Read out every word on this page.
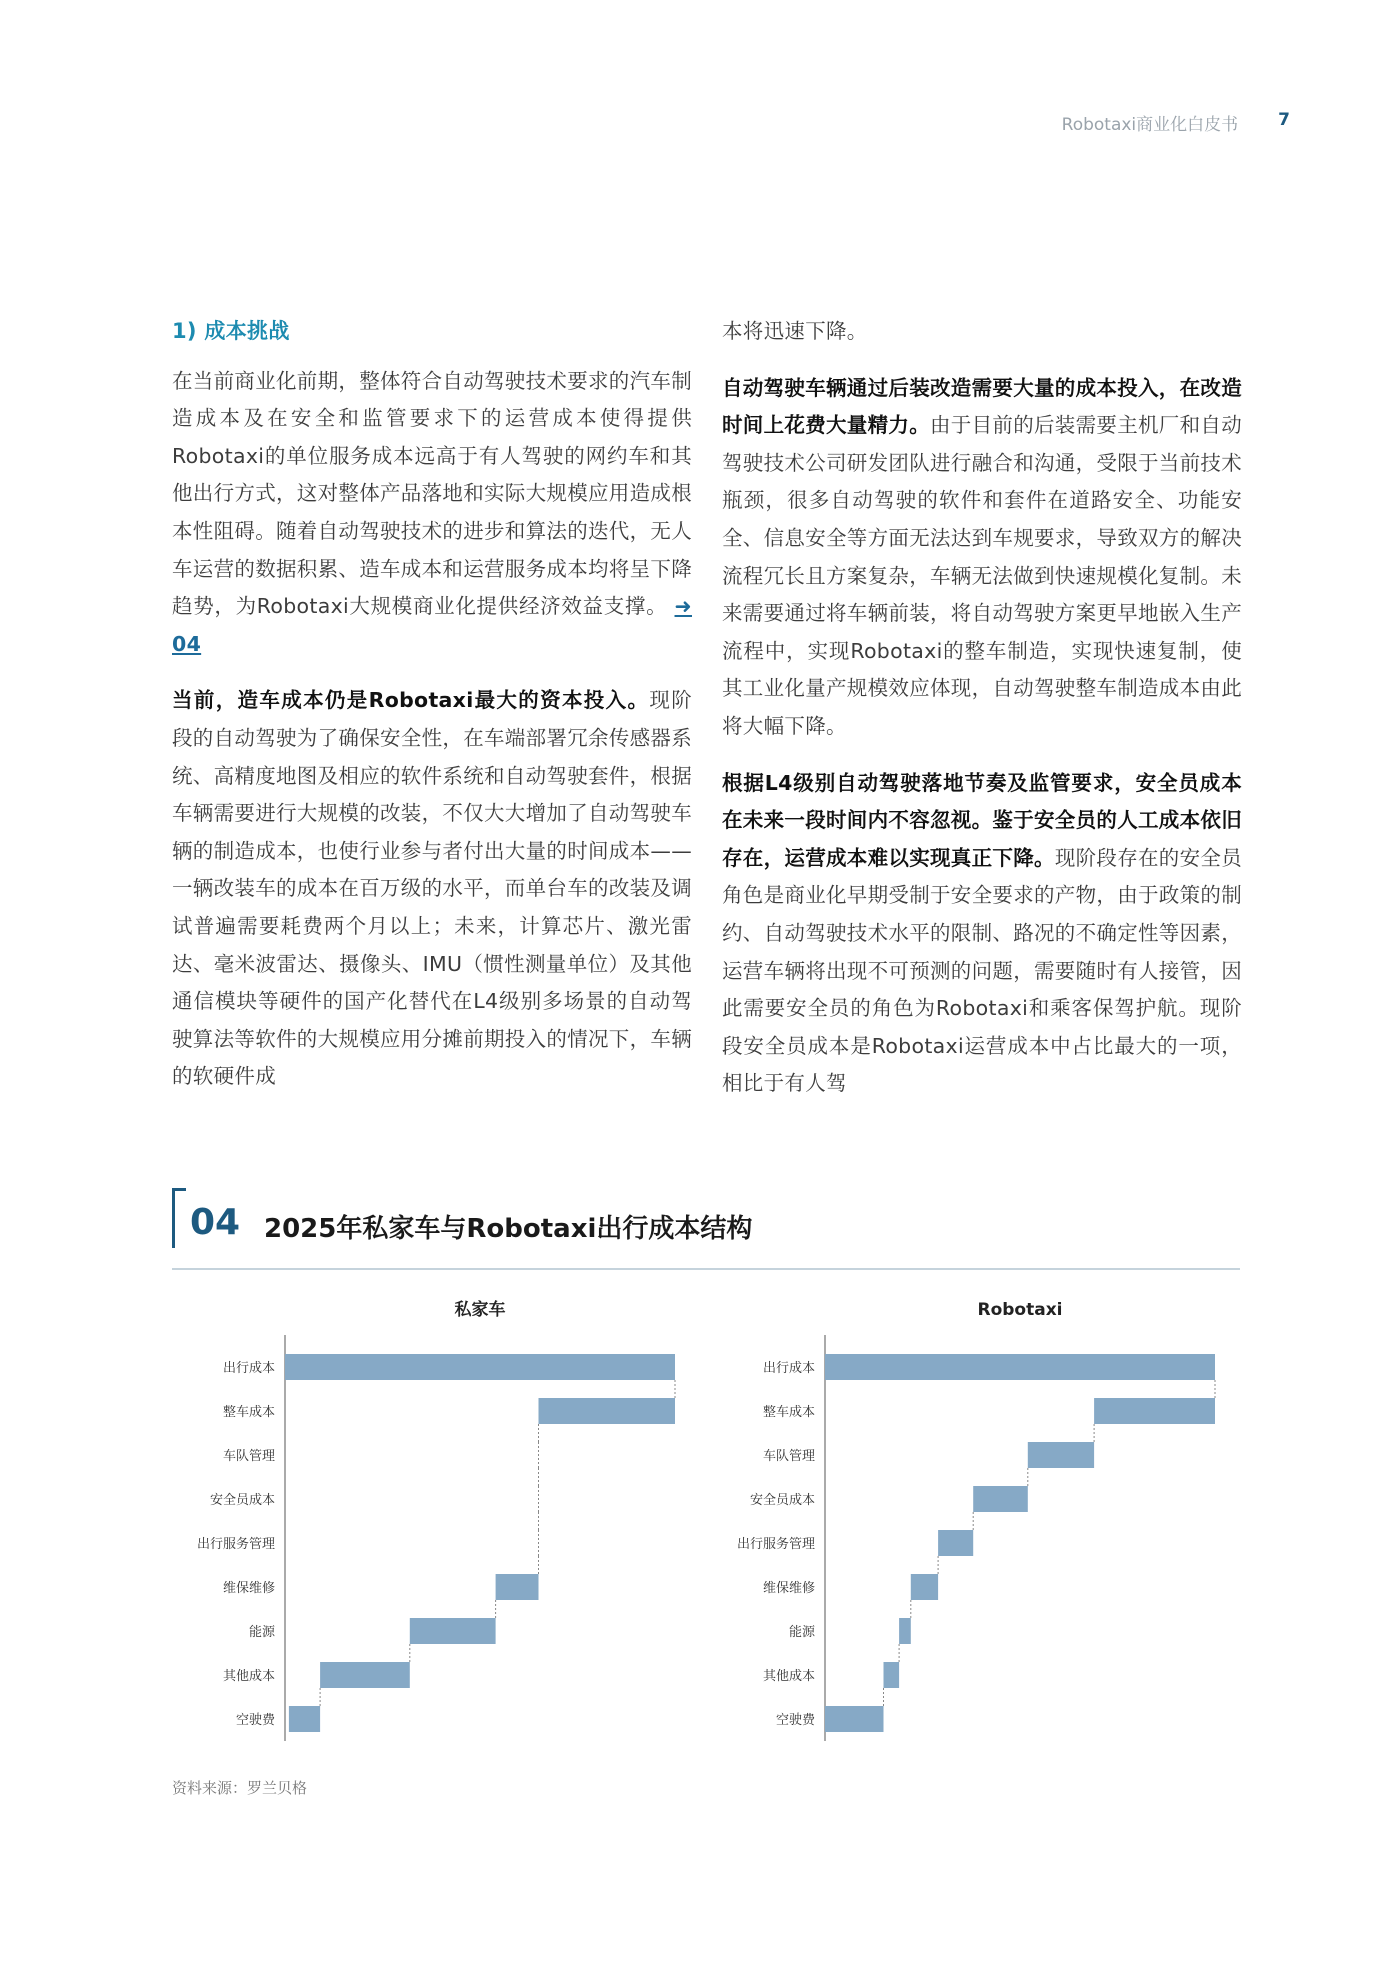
Robotaxi商业化白皮书 7
1) 成本挑战

在当前商业化前期，整体符合自动驾驶技术要求的汽车制造成本及在安全和监管要求下的运营成本使得提供Robotaxi的单位服务成本远高于有人驾驶的网约车和其他出行方式，这对整体产品落地和实际大规模应用造成根本性阻碍。随着自动驾驶技术的进步和算法的迭代，无人车运营的数据积累、造车成本和运营服务成本均将呈下降趋势，为Robotaxi大规模商业化提供经济效益支撑。 ➜ 04

当前，造车成本仍是Robotaxi最大的资本投入。现阶段的自动驾驶为了确保安全性，在车端部署冗余传感器系统、高精度地图及相应的软件系统和自动驾驶套件，根据车辆需要进行大规模的改装，不仅大大增加了自动驾驶车辆的制造成本，也使行业参与者付出大量的时间成本——一辆改装车的成本在百万级的水平，而单台车的改装及调试普遍需要耗费两个月以上；未来，计算芯片、激光雷达、毫米波雷达、摄像头、IMU（惯性测量单位）及其他通信模块等硬件的国产化替代在L4级别多场景的自动驾驶算法等软件的大规模应用分摊前期投入的情况下，车辆的软硬件成

本将迅速下降。

自动驾驶车辆通过后装改造需要大量的成本投入，在改造时间上花费大量精力。由于目前的后装需要主机厂和自动驾驶技术公司研发团队进行融合和沟通，受限于当前技术瓶颈，很多自动驾驶的软件和套件在道路安全、功能安全、信息安全等方面无法达到车规要求，导致双方的解决流程冗长且方案复杂，车辆无法做到快速规模化复制。未来需要通过将车辆前装，将自动驾驶方案更早地嵌入生产流程中，实现Robotaxi的整车制造，实现快速复制，使其工业化量产规模效应体现，自动驾驶整车制造成本由此将大幅下降。

根据L4级别自动驾驶落地节奏及监管要求，安全员成本在未来一段时间内不容忽视。鉴于安全员的人工成本依旧存在，运营成本难以实现真正下降。现阶段存在的安全员角色是商业化早期受制于安全要求的产物，由于政策的制约、自动驾驶技术水平的限制、路况的不确定性等因素，运营车辆将出现不可预测的问题，需要随时有人接管，因此需要安全员的角色为Robotaxi和乘客保驾护航。现阶段安全员成本是Robotaxi运营成本中占比最大的一项，相比于有人驾

04 2025年私家车与Robotaxi出行成本结构
私家车
出行成本
整车成本
车队管理
安全员成本
出行服务管理
维保维修
能源
其他成本
空驶费
Robotaxi
出行成本
整车成本
车队管理
安全员成本
出行服务管理
维保维修
能源
其他成本
空驶费
资料来源：罗兰贝格
